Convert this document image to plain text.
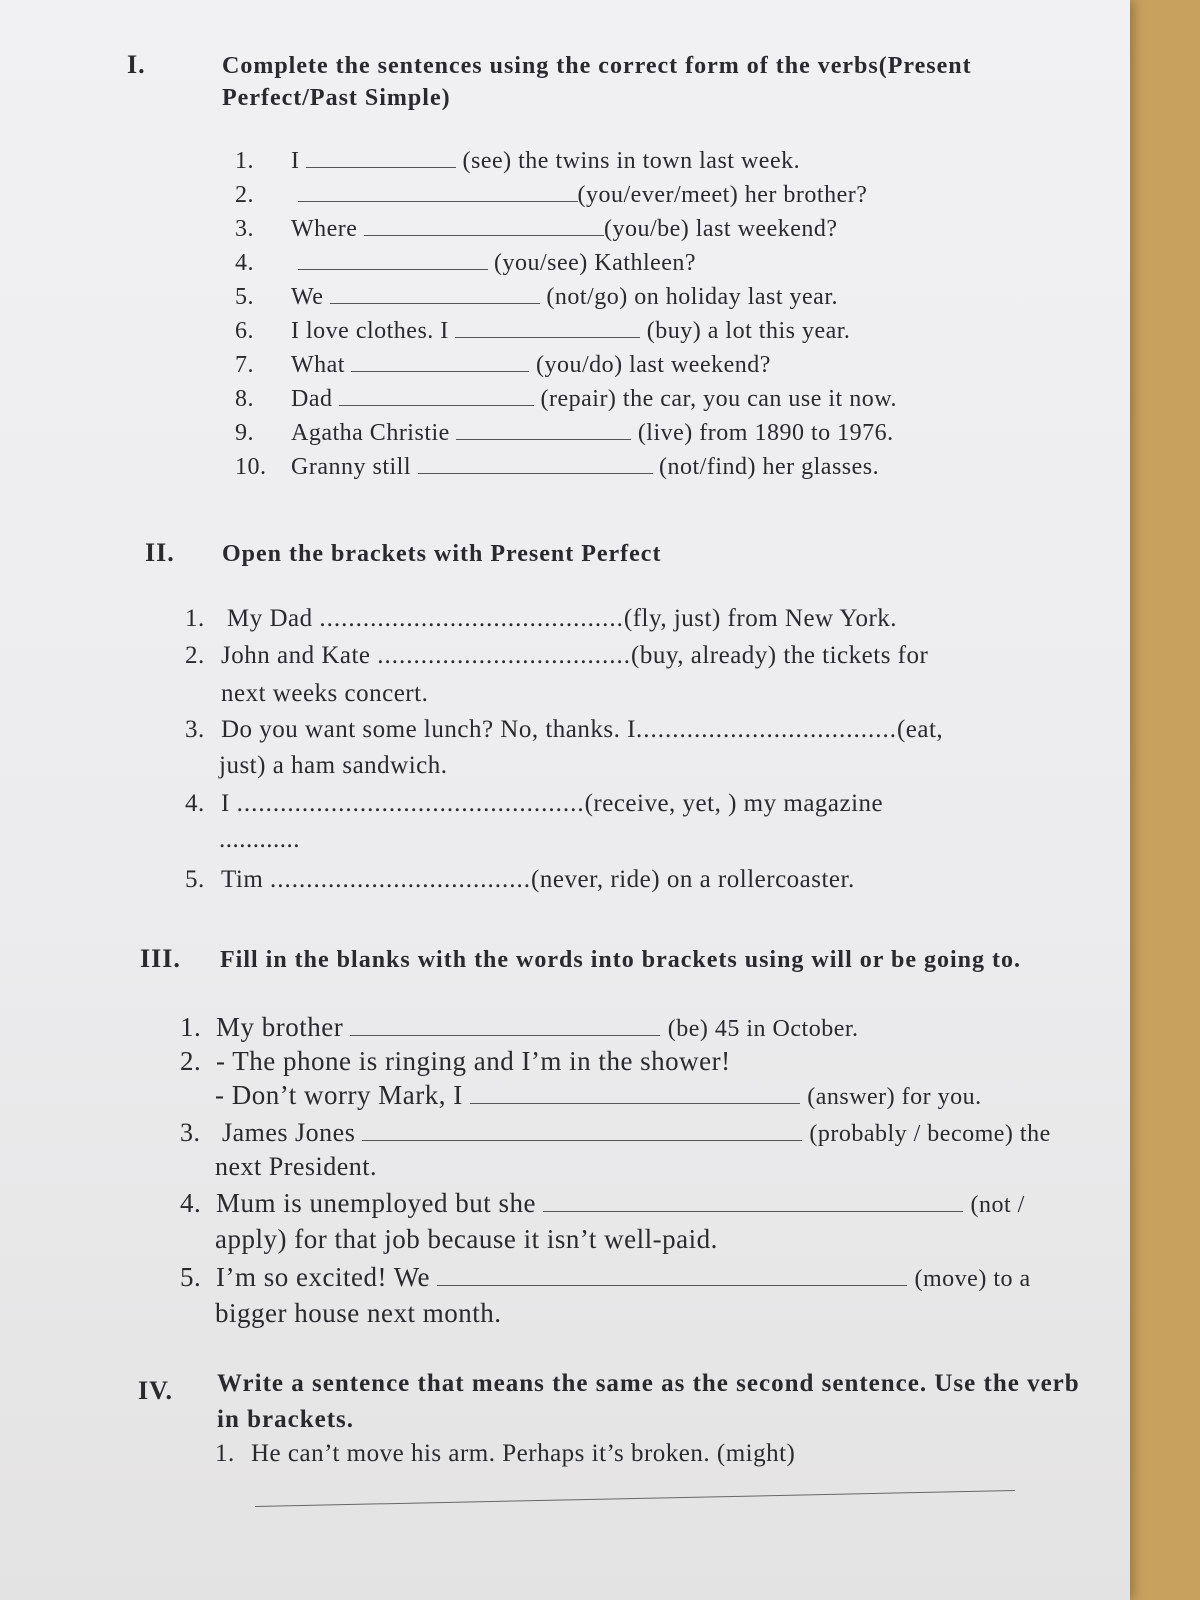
I.	Complete the sentences using the correct form of the verbs(Present Perfect/Past Simple)
1. I	(see) the twins in town last week.
2.	(you/ever/meet) her brother?
3. Where	(you/be) last weekend?
4.	(you/see) Kathleen?
5. We	(not/go) on holiday last year.
6. I love clothes. I	(buy) a lot this year.
7. What	(you/do) last weekend?
8. Dad	(repair) the car, you can use it now.
9. Agatha Christie	(live) from 1890 to 1976.
10. Granny still	(not/find) her glasses.
II. Open the brackets with Present Perfect
1. My Dad ..........................................(fly, just) from New York.
2. John and Kate ...................................(buy, already) the tickets for
next weeks concert.
3. Do you want some lunch? No, thanks. I....................................(eat,
just) a ham sandwich.
4. I ................................................(receive, yet, ) my magazine
............
5. Tim ....................................(never, ride) on a rollercoaster.
III. Fill in the blanks with the words into brackets using will or be going to.
1. My brother	(be) 45 in October.
2. - The phone is ringing and I’m in the shower!
- Don’t worry Mark, I	(answer) for you.
3. James Jones	(probably / become) the
next President.
4. Mum is unemployed but she	(not /
apply) for that job because it isn’t well-paid.
5. I’m so excited! We	(move) to a
bigger house next month.
IV. Write a sentence that means the same as the second sentence. Use the verb in brackets.
1. He can’t move his arm. Perhaps it’s broken. (might)
